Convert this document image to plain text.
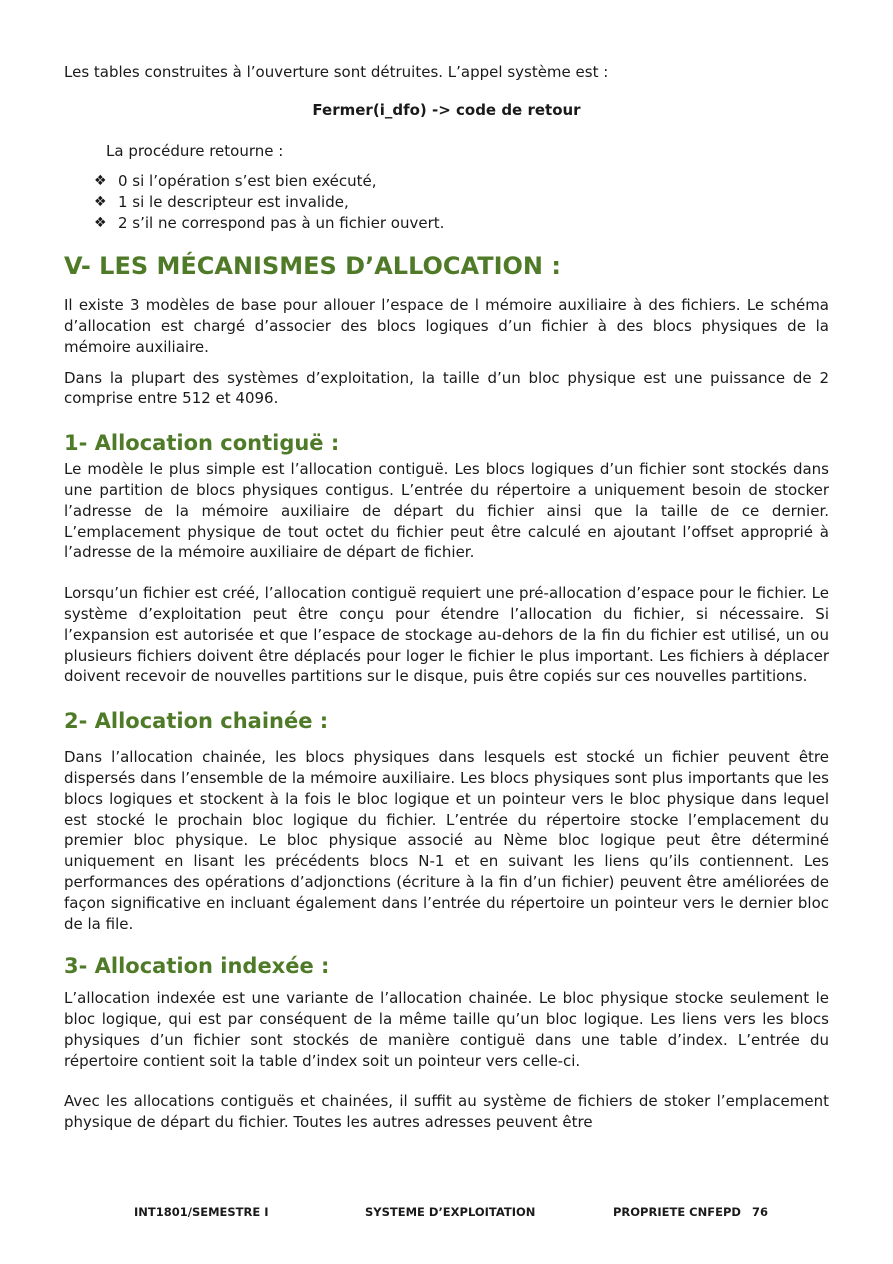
Les tables construites à l’ouverture sont détruites. L’appel système est :

Fermer(i_dfo) -> code de retour

La procédure retourne :

❖ 0 si l’opération s’est bien exécuté,
❖ 1 si le descripteur est invalide,
❖ 2 s’il ne correspond pas à un fichier ouvert.
V- LES MÉCANISMES D’ALLOCATION :

Il existe 3 modèles de base pour allouer l’espace de l mémoire auxiliaire à des fichiers. Le schéma d’allocation est chargé d’associer des blocs logiques d’un fichier à des blocs physiques de la mémoire auxiliaire.

Dans la plupart des systèmes d’exploitation, la taille d’un bloc physique est une puissance de 2 comprise entre 512 et 4096.

1- Allocation contiguë :

Le modèle le plus simple est l’allocation contiguë. Les blocs logiques d’un fichier sont stockés dans une partition de blocs physiques contigus. L’entrée du répertoire a uniquement besoin de stocker l’adresse de la mémoire auxiliaire de départ du fichier ainsi que la taille de ce dernier. L’emplacement physique de tout octet du fichier peut être calculé en ajoutant l’offset approprié à l’adresse de la mémoire auxiliaire de départ de fichier.

Lorsqu’un fichier est créé, l’allocation contiguë requiert une pré-allocation d’espace pour le fichier. Le système d’exploitation peut être conçu pour étendre l’allocation du fichier, si nécessaire. Si l’expansion est autorisée et que l’espace de stockage au-dehors de la fin du fichier est utilisé, un ou plusieurs fichiers doivent être déplacés pour loger le fichier le plus important. Les fichiers à déplacer doivent recevoir de nouvelles partitions sur le disque, puis être copiés sur ces nouvelles partitions.

2- Allocation chainée :

Dans l’allocation chainée, les blocs physiques dans lesquels est stocké un fichier peuvent être dispersés dans l’ensemble de la mémoire auxiliaire. Les blocs physiques sont plus importants que les blocs logiques et stockent à la fois le bloc logique et un pointeur vers le bloc physique dans lequel est stocké le prochain bloc logique du fichier. L’entrée du répertoire stocke l’emplacement du premier bloc physique. Le bloc physique associé au Nème bloc logique peut être déterminé uniquement en lisant les précédents blocs N-1 et en suivant les liens qu’ils contiennent. Les performances des opérations d’adjonctions (écriture à la fin d’un fichier) peuvent être améliorées de façon significative en incluant également dans l’entrée du répertoire un pointeur vers le dernier bloc de la file.

3- Allocation indexée :

L’allocation indexée est une variante de l’allocation chainée. Le bloc physique stocke seulement le bloc logique, qui est par conséquent de la même taille qu’un bloc logique. Les liens vers les blocs physiques d’un fichier sont stockés de manière contiguë dans une table d’index. L’entrée du répertoire contient soit la table d’index soit un pointeur vers celle-ci.

Avec les allocations contiguës et chainées, il suffit au système de fichiers de stoker l’emplacement physique de départ du fichier. Toutes les autres adresses peuvent être

INT1801/SEMESTRE I	SYSTEME D’EXPLOITATION	PROPRIETE CNFEPD 76
